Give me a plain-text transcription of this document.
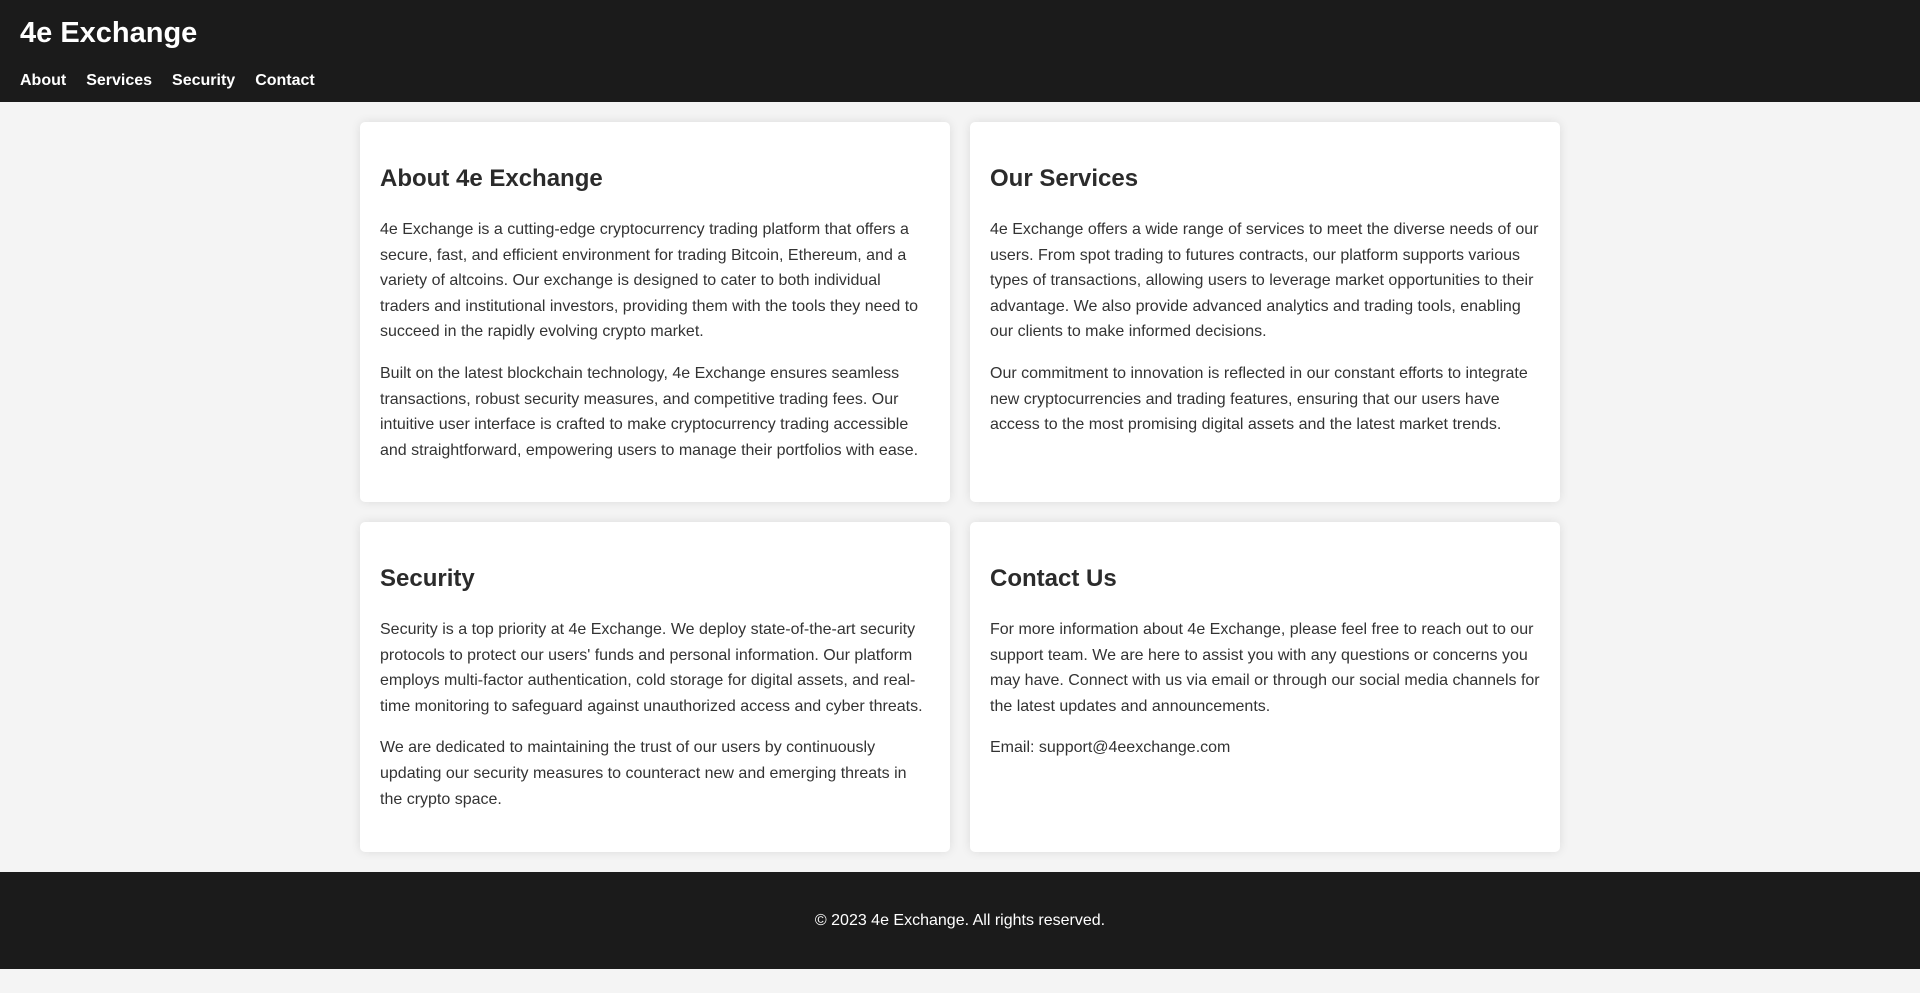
4e Exchange
About Services Security Contact
About 4e Exchange

4e Exchange is a cutting-edge cryptocurrency trading platform that offers a secure, fast, and efficient environment for trading Bitcoin, Ethereum, and a variety of altcoins. Our exchange is designed to cater to both individual traders and institutional investors, providing them with the tools they need to succeed in the rapidly evolving crypto market.

Built on the latest blockchain technology, 4e Exchange ensures seamless transactions, robust security measures, and competitive trading fees. Our intuitive user interface is crafted to make cryptocurrency trading accessible and straightforward, empowering users to manage their portfolios with ease.

Our Services

4e Exchange offers a wide range of services to meet the diverse needs of our users. From spot trading to futures contracts, our platform supports various types of transactions, allowing users to leverage market opportunities to their advantage. We also provide advanced analytics and trading tools, enabling our clients to make informed decisions.

Our commitment to innovation is reflected in our constant efforts to integrate new cryptocurrencies and trading features, ensuring that our users have access to the most promising digital assets and the latest market trends.

Security

Security is a top priority at 4e Exchange. We deploy state-of-the-art security protocols to protect our users' funds and personal information. Our platform employs multi-factor authentication, cold storage for digital assets, and real-time monitoring to safeguard against unauthorized access and cyber threats.

We are dedicated to maintaining the trust of our users by continuously updating our security measures to counteract new and emerging threats in the crypto space.

Contact Us

For more information about 4e Exchange, please feel free to reach out to our support team. We are here to assist you with any questions or concerns you may have. Connect with us via email or through our social media channels for the latest updates and announcements.

Email: support@4eexchange.com

© 2023 4e Exchange. All rights reserved.
